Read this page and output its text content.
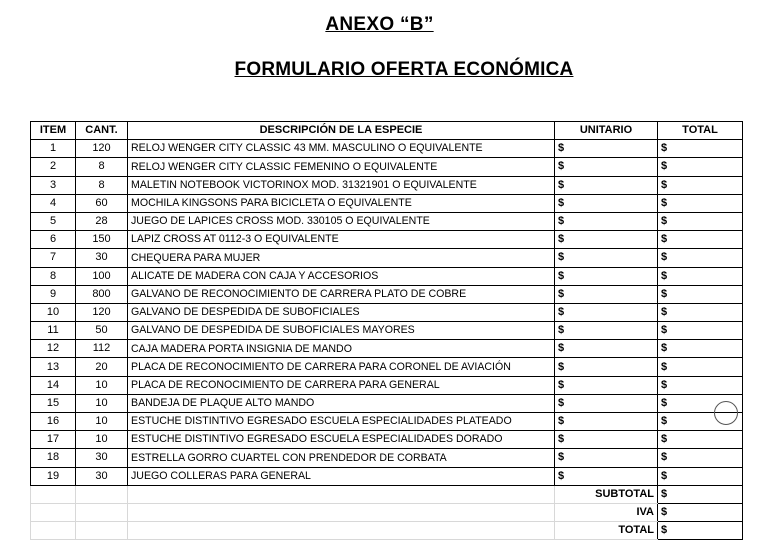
ANEXO “B”
FORMULARIO OFERTA ECONÓMICA
ITEM	CANT.	DESCRIPCIÓN DE LA ESPECIE	UNITARIO	TOTAL
1	120	RELOJ WENGER CITY CLASSIC 43 MM. MASCULINO O EQUIVALENTE	$	$
2	8	RELOJ WENGER CITY CLASSIC FEMENINO O EQUIVALENTE	$	$
3	8	MALETIN NOTEBOOK VICTORINOX MOD. 31321901 O EQUIVALENTE	$	$
4	60	MOCHILA KINGSONS PARA BICICLETA O EQUIVALENTE	$	$
5	28	JUEGO DE LAPICES CROSS MOD. 330105 O EQUIVALENTE	$	$
6	150	LAPIZ CROSS AT 0112-3 O EQUIVALENTE	$	$
7	30	CHEQUERA PARA MUJER	$	$
8	100	ALICATE DE MADERA CON CAJA Y ACCESORIOS	$	$
9	800	GALVANO DE RECONOCIMIENTO DE CARRERA PLATO DE COBRE	$	$
10	120	GALVANO DE DESPEDIDA DE SUBOFICIALES	$	$
11	50	GALVANO DE DESPEDIDA DE SUBOFICIALES MAYORES	$	$
12	112	CAJA MADERA PORTA INSIGNIA DE MANDO	$	$
13	20	PLACA DE RECONOCIMIENTO DE CARRERA PARA CORONEL DE AVIACIÓN	$	$
14	10	PLACA DE RECONOCIMIENTO DE CARRERA PARA GENERAL	$	$
15	10	BANDEJA DE PLAQUE ALTO MANDO	$	$
16	10	ESTUCHE DISTINTIVO EGRESADO ESCUELA ESPECIALIDADES PLATEADO	$	$
17	10	ESTUCHE DISTINTIVO EGRESADO ESCUELA ESPECIALIDADES DORADO	$	$
18	30	ESTRELLA GORRO CUARTEL CON PRENDEDOR DE CORBATA	$	$
19	30	JUEGO COLLERAS PARA GENERAL	$	$
			SUBTOTAL	$
			IVA	$
			TOTAL	$
